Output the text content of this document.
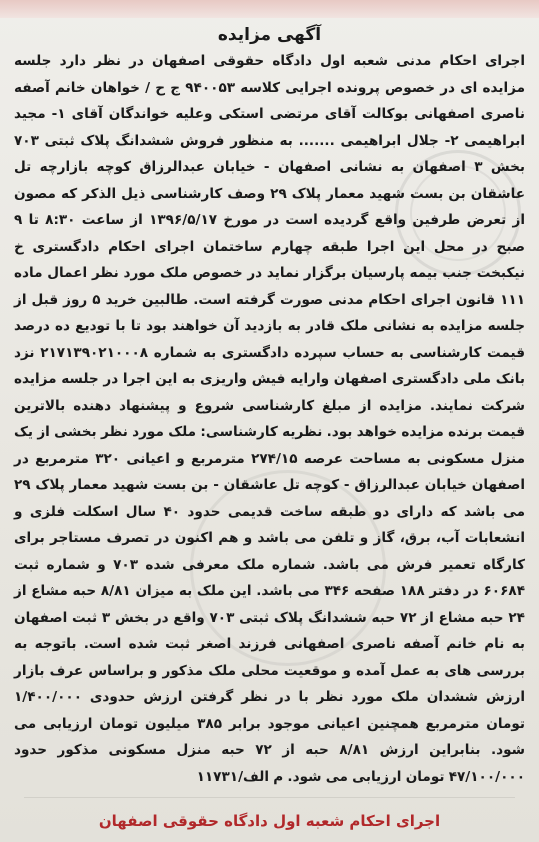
آگهی مزایده
اجرای احکام مدنی شعبه اول دادگاه حقوقی اصفهان در نظر دارد جلسه مزایده ای در خصوص پرونده اجرایی کلاسه ۹۴۰۰۵۳ ج ح / خواهان خانم آصفه ناصری اصفهانی بوکالت آقای مرتضی استکی وعلیه خواندگان آقای ۱- مجید ابراهیمی ۲- جلال ابراهیمی ....... به منظور فروش ششدانگ پلاک ثبتی ۷۰۳ بخش ۳ اصفهان به نشانی اصفهان - خیابان عبدالرزاق کوچه بازارچه تل عاشقان بن بست شهید معمار پلاک ۲۹ وصف کارشناسی ذیل الذکر که مصون از تعرض طرفین واقع گردیده است در مورخ ۱۳۹۶/۵/۱۷ از ساعت ۸:۳۰ تا ۹ صبح در محل این اجرا طبقه چهارم ساختمان اجرای احکام دادگستری خ نیکبخت جنب بیمه پارسیان برگزار نماید در خصوص ملک مورد نظر اعمال ماده ۱۱۱ قانون اجرای احکام مدنی صورت گرفته است. طالبین خرید ۵ روز قبل از جلسه مزایده به نشانی ملک قادر به بازدید آن خواهند بود تا با تودیع ده درصد قیمت کارشناسی به حساب سپرده دادگستری به شماره ۲۱۷۱۳۹۰۲۱۰۰۰۸ نزد بانک ملی دادگستری اصفهان وارایه فیش واریزی به این اجرا در جلسه مزایده شرکت نمایند. مزایده از مبلغ کارشناسی شروع و پیشنهاد دهنده بالاترین قیمت برنده مزایده خواهد بود. نظریه کارشناسی: ملک مورد نظر بخشی از یک منزل مسکونی به مساحت عرصه ۲۷۴/۱۵ مترمربع و اعیانی ۳۲۰ مترمربع در اصفهان خیابان عبدالرزاق - کوچه تل عاشقان - بن بست شهید معمار پلاک ۲۹ می باشد که دارای دو طبقه ساخت قدیمی حدود ۴۰ سال اسکلت فلزی و انشعابات آب، برق، گاز و تلفن می باشد و هم اکنون در تصرف مستاجر برای کارگاه تعمیر فرش می باشد. شماره ملک معرفی شده ۷۰۳ و شماره ثبت ۶۰۶۸۴ در دفتر ۱۸۸ صفحه ۳۴۶ می باشد. این ملک به میزان ۸/۸۱ حبه مشاع از ۲۴ حبه مشاع از ۷۲ حبه ششدانگ پلاک ثبتی ۷۰۳ واقع در بخش ۳ ثبت اصفهان به نام خانم آصفه ناصری اصفهانی فرزند اصغر ثبت شده است. باتوجه به بررسی های به عمل آمده و موقعیت محلی ملک مذکور و براساس عرف بازار ارزش ششدان ملک مورد نظر با در نظر گرفتن ارزش حدودی ۱/۴۰۰/۰۰۰ تومان مترمربع همچنین اعیانی موجود برابر ۳۸۵ میلیون تومان ارزیابی می شود. بنابراین ارزش ۸/۸۱ حبه از ۷۲ حبه منزل مسکونی مذکور حدود ۴۷/۱۰۰/۰۰۰ تومان ارزیابی می شود. م الف/۱۱۷۳۱
اجرای احکام شعبه اول دادگاه حقوقی اصفهان
